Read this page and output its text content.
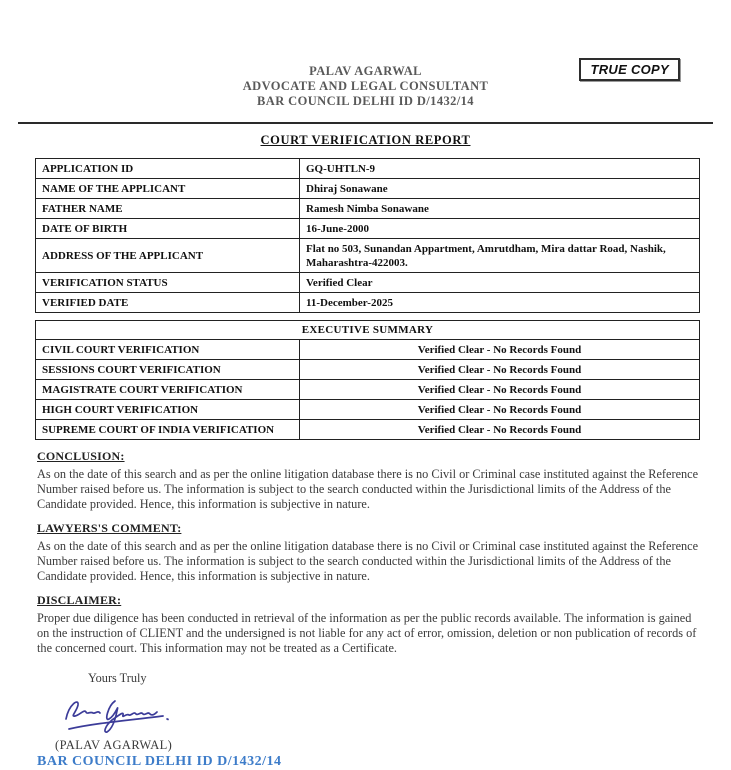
TRUE COPY
PALAV AGARWAL
ADVOCATE AND LEGAL CONSULTANT
BAR COUNCIL DELHI ID D/1432/14
COURT VERIFICATION REPORT
APPLICATION ID	GQ-UHTLN-9
NAME OF THE APPLICANT	Dhiraj Sonawane
FATHER NAME	Ramesh Nimba Sonawane
DATE OF BIRTH	16-June-2000
ADDRESS OF THE APPLICANT	Flat no 503, Sunandan Appartment, Amrutdham, Mira dattar Road, Nashik, Maharashtra-422003.
VERIFICATION STATUS	Verified Clear
VERIFIED DATE	11-December-2025
EXECUTIVE SUMMARY	
CIVIL COURT VERIFICATION	Verified Clear - No Records Found
SESSIONS COURT VERIFICATION	Verified Clear - No Records Found
MAGISTRATE COURT VERIFICATION	Verified Clear - No Records Found
HIGH COURT VERIFICATION	Verified Clear - No Records Found
SUPREME COURT OF INDIA VERIFICATION	Verified Clear - No Records Found
CONCLUSION:
As on the date of this search and as per the online litigation database there is no Civil or Criminal case instituted against the Reference Number raised before us. The information is subject to the search conducted within the Jurisdictional limits of the Address of the Candidate provided. Hence, this information is subjective in nature.
LAWYERS'S COMMENT:
As on the date of this search and as per the online litigation database there is no Civil or Criminal case instituted against the Reference Number raised before us. The information is subject to the search conducted within the Jurisdictional limits of the Address of the Candidate provided. Hence, this information is subjective in nature.
DISCLAIMER:
Proper due diligence has been conducted in retrieval of the information as per the public records available. The information is gained on the instruction of CLIENT and the undersigned is not liable for any act of error, omission, deletion or non publication of records of the concerned court. This information may not be treated as a Certificate.
Yours Truly
(PALAV AGARWAL)
BAR COUNCIL DELHI ID D/1432/14
